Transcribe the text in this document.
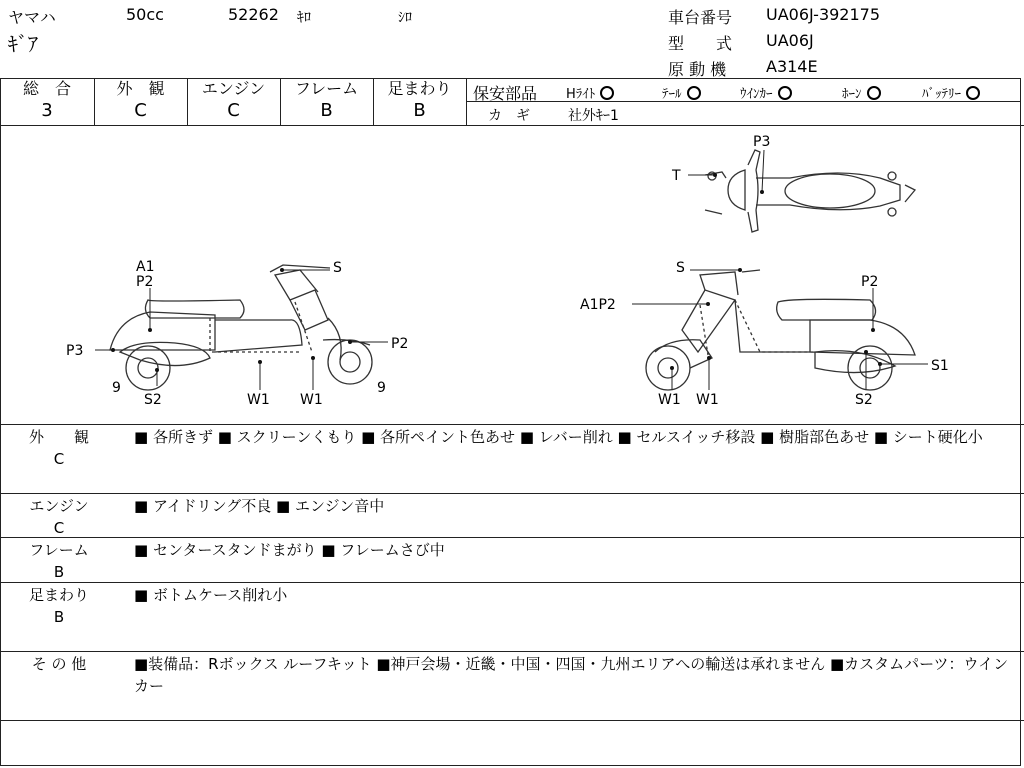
ヤマハ	50cc	52262 ｷﾛ	ｼﾛ
ｷﾞｱ
車台番号 UA06J-392175
型　　式 UA06J
原 動 機 A314E
総　合
3
外　観
C
エンジン
C
フレーム
B
足まわり
B
保安部品 Hﾗｲﾄ	ﾃｰﾙ	ｳｲﾝｶｰ	ﾎｰﾝ	ﾊﾞｯﾃﾘｰ
カ　ギ	社外ｷｰ1
A1
P2
P3
S
P2
9	9
S2	W1 W1
P3
T
S
A1P2
P2
S1
W1 W1	S2
外　　観
C
■ 各所きず ■ スクリーンくもり ■ 各所ペイント色あせ ■ レバー削れ ■ セルスイッチ移設 ■ 樹脂部色あせ ■ シート硬化小
エンジン
C
■ アイドリング不良 ■ エンジン音中
フレーム
B
■ センタースタンドまがり ■ フレームさび中
足まわり
B
■ ボトムケース削れ小
そ の 他	■装備品：Rボックス ルーフキット ■神戸会場・近畿・中国・四国・九州エリアへの輸送は承れません ■カスタムパーツ：ウインカー
